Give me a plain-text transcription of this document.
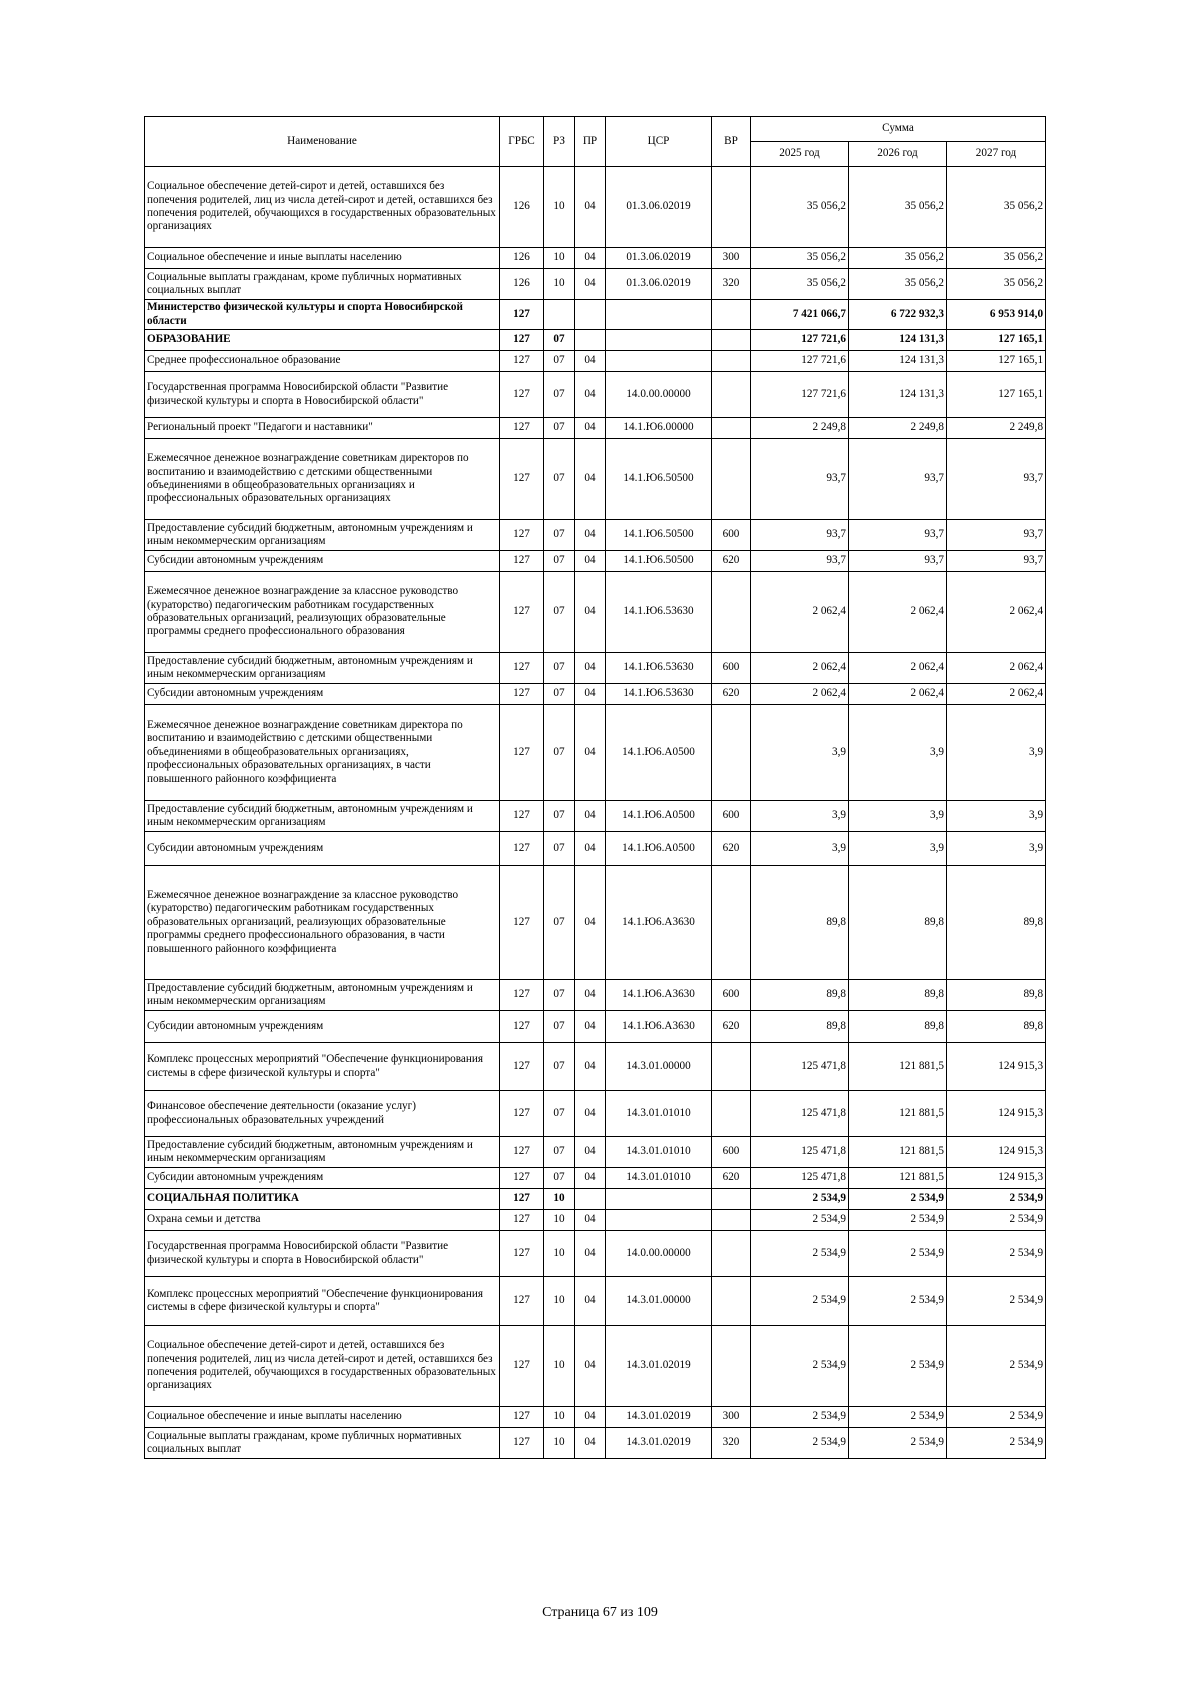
Наименование	ГРБС	РЗ	ПР	ЦСР	ВР	Сумма		
						2025 год	2026 год	2027 год
Социальное обеспечение детей-сирот и детей, оставшихся без попечения родителей, лиц из числа детей-сирот и детей, оставшихся без попечения родителей, обучающихся в государственных образовательных организациях	126	10	04	01.3.06.02019		35 056,2	35 056,2	35 056,2
Социальное обеспечение и иные выплаты населению	126	10	04	01.3.06.02019	300	35 056,2	35 056,2	35 056,2
Социальные выплаты гражданам, кроме публичных нормативных социальных выплат	126	10	04	01.3.06.02019	320	35 056,2	35 056,2	35 056,2
Министерство физической культуры и спорта Новосибирской области	127					7 421 066,7	6 722 932,3	6 953 914,0
ОБРАЗОВАНИЕ	127	07				127 721,6	124 131,3	127 165,1
Среднее профессиональное образование	127	07	04			127 721,6	124 131,3	127 165,1
Государственная программа Новосибирской области "Развитие физической культуры и спорта в Новосибирской области"	127	07	04	14.0.00.00000		127 721,6	124 131,3	127 165,1
Региональный проект "Педагоги и наставники"	127	07	04	14.1.Ю6.00000		2 249,8	2 249,8	2 249,8
Ежемесячное денежное вознаграждение советникам директоров по воспитанию и взаимодействию с детскими общественными объединениями в общеобразовательных организациях и профессиональных образовательных организациях	127	07	04	14.1.Ю6.50500		93,7	93,7	93,7
Предоставление субсидий бюджетным, автономным учреждениям и иным некоммерческим организациям	127	07	04	14.1.Ю6.50500	600	93,7	93,7	93,7
Субсидии автономным учреждениям	127	07	04	14.1.Ю6.50500	620	93,7	93,7	93,7
Ежемесячное денежное вознаграждение за классное руководство (кураторство) педагогическим работникам государственных образовательных организаций, реализующих образовательные программы среднего профессионального образования	127	07	04	14.1.Ю6.53630		2 062,4	2 062,4	2 062,4
Предоставление субсидий бюджетным, автономным учреждениям и иным некоммерческим организациям	127	07	04	14.1.Ю6.53630	600	2 062,4	2 062,4	2 062,4
Субсидии автономным учреждениям	127	07	04	14.1.Ю6.53630	620	2 062,4	2 062,4	2 062,4
Ежемесячное денежное вознаграждение советникам директора по воспитанию и взаимодействию с детскими общественными объединениями в общеобразовательных организациях, профессиональных образовательных организациях, в части повышенного районного коэффициента	127	07	04	14.1.Ю6.А0500		3,9	3,9	3,9
Предоставление субсидий бюджетным, автономным учреждениям и иным некоммерческим организациям	127	07	04	14.1.Ю6.А0500	600	3,9	3,9	3,9
Субсидии автономным учреждениям	127	07	04	14.1.Ю6.А0500	620	3,9	3,9	3,9
Ежемесячное денежное вознаграждение за классное руководство (кураторство) педагогическим работникам государственных образовательных организаций, реализующих образовательные программы среднего профессионального образования, в части повышенного районного коэффициента	127	07	04	14.1.Ю6.А3630		89,8	89,8	89,8
Предоставление субсидий бюджетным, автономным учреждениям и иным некоммерческим организациям	127	07	04	14.1.Ю6.А3630	600	89,8	89,8	89,8
Субсидии автономным учреждениям	127	07	04	14.1.Ю6.А3630	620	89,8	89,8	89,8
Комплекс процессных мероприятий "Обеспечение функционирования системы в сфере физической культуры и спорта"	127	07	04	14.3.01.00000		125 471,8	121 881,5	124 915,3
Финансовое обеспечение деятельности (оказание услуг) профессиональных образовательных учреждений	127	07	04	14.3.01.01010		125 471,8	121 881,5	124 915,3
Предоставление субсидий бюджетным, автономным учреждениям и иным некоммерческим организациям	127	07	04	14.3.01.01010	600	125 471,8	121 881,5	124 915,3
Субсидии автономным учреждениям	127	07	04	14.3.01.01010	620	125 471,8	121 881,5	124 915,3
СОЦИАЛЬНАЯ ПОЛИТИКА	127	10				2 534,9	2 534,9	2 534,9
Охрана семьи и детства	127	10	04			2 534,9	2 534,9	2 534,9
Государственная программа Новосибирской области "Развитие физической культуры и спорта в Новосибирской области"	127	10	04	14.0.00.00000		2 534,9	2 534,9	2 534,9
Комплекс процессных мероприятий "Обеспечение функционирования системы в сфере физической культуры и спорта"	127	10	04	14.3.01.00000		2 534,9	2 534,9	2 534,9
Социальное обеспечение детей-сирот и детей, оставшихся без попечения родителей, лиц из числа детей-сирот и детей, оставшихся без попечения родителей, обучающихся в государственных образовательных организациях	127	10	04	14.3.01.02019		2 534,9	2 534,9	2 534,9
Социальное обеспечение и иные выплаты населению	127	10	04	14.3.01.02019	300	2 534,9	2 534,9	2 534,9
Социальные выплаты гражданам, кроме публичных нормативных социальных выплат	127	10	04	14.3.01.02019	320	2 534,9	2 534,9	2 534,9
Страница 67 из 109
